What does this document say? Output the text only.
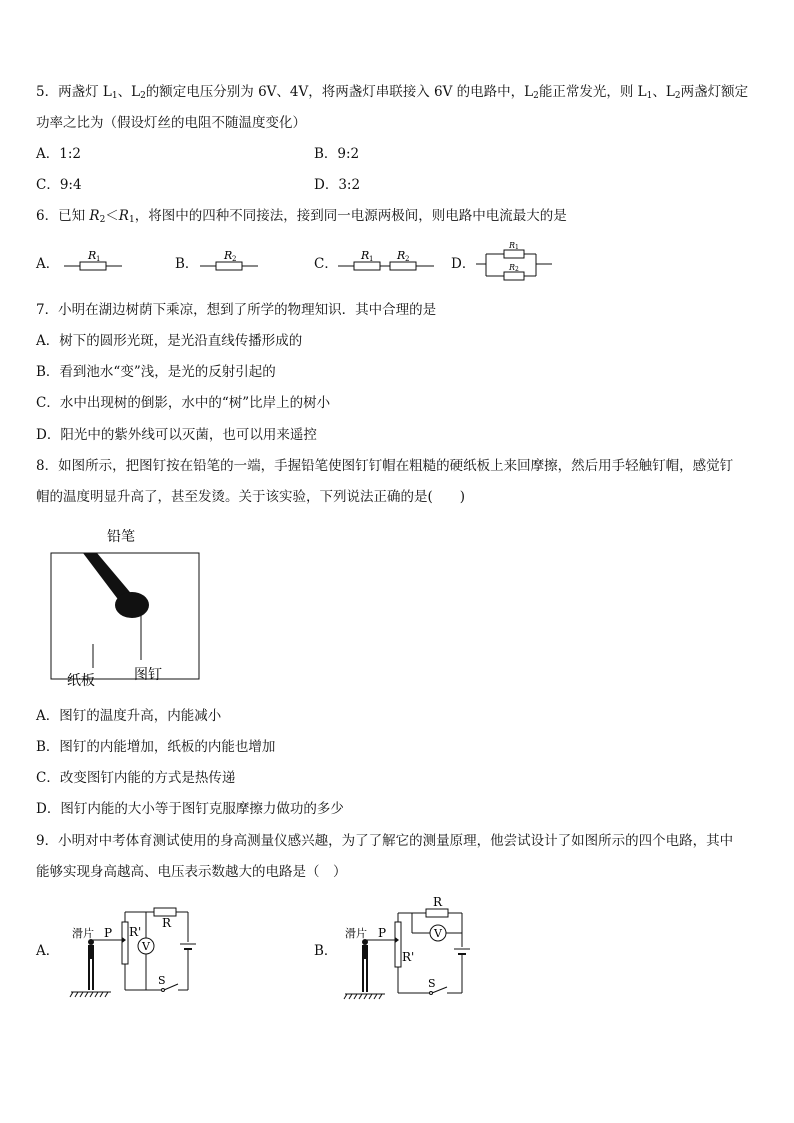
5．两盏灯 $L_1$、$L_2$的额定电压分别为 6V、4V，将两盏灯串联接入 6V 的电路中，$L_2$能正常发光，则 $L_1$、$L_2$两盏灯额定
功率之比为（假设灯丝的电阻不随温度变化）
A．1:2	B．9:2
C．9:4	D．3:2
6．已知 $R_2<R_1$，将图中的四种不同接法，接到同一电源两极间，则电路中电流最大的是
A．
R 1	B．
R 2	C．
R 1 R 2	D．
R 1
R 2
7．小明在湖边树荫下乘凉，想到了所学的物理知识．其中合理的是
A．树下的圆形光斑，是光沿直线传播形成的
B．看到池水“变”浅，是光的反射引起的
C．水中出现树的倒影，水中的“树”比岸上的树小
D．阳光中的紫外线可以灭菌，也可以用来遥控
8．如图所示，把图钉按在铅笔的一端，手握铅笔使图钉钉帽在粗糙的硬纸板上来回摩擦，然后用手轻触钉帽，感觉钉
帽的温度明显升高了，甚至发烫。关于该实验，下列说法正确的是(　　)
铅笔
纸板	图钉
A．图钉的温度升高，内能减小
B．图钉的内能增加，纸板的内能也增加
C．改变图钉内能的方式是热传递
D．图钉内能的大小等于图钉克服摩擦力做功的多少
9．小明对中考体育测试使用的身高测量仪感兴趣，为了了解它的测量原理，他尝试设计了如图所示的四个电路，其中
能够实现身高越高、电压表示数越大的电路是（　）
A．
滑片 P R'
R
V
S
B．
滑片 P
R'
R
V
S
